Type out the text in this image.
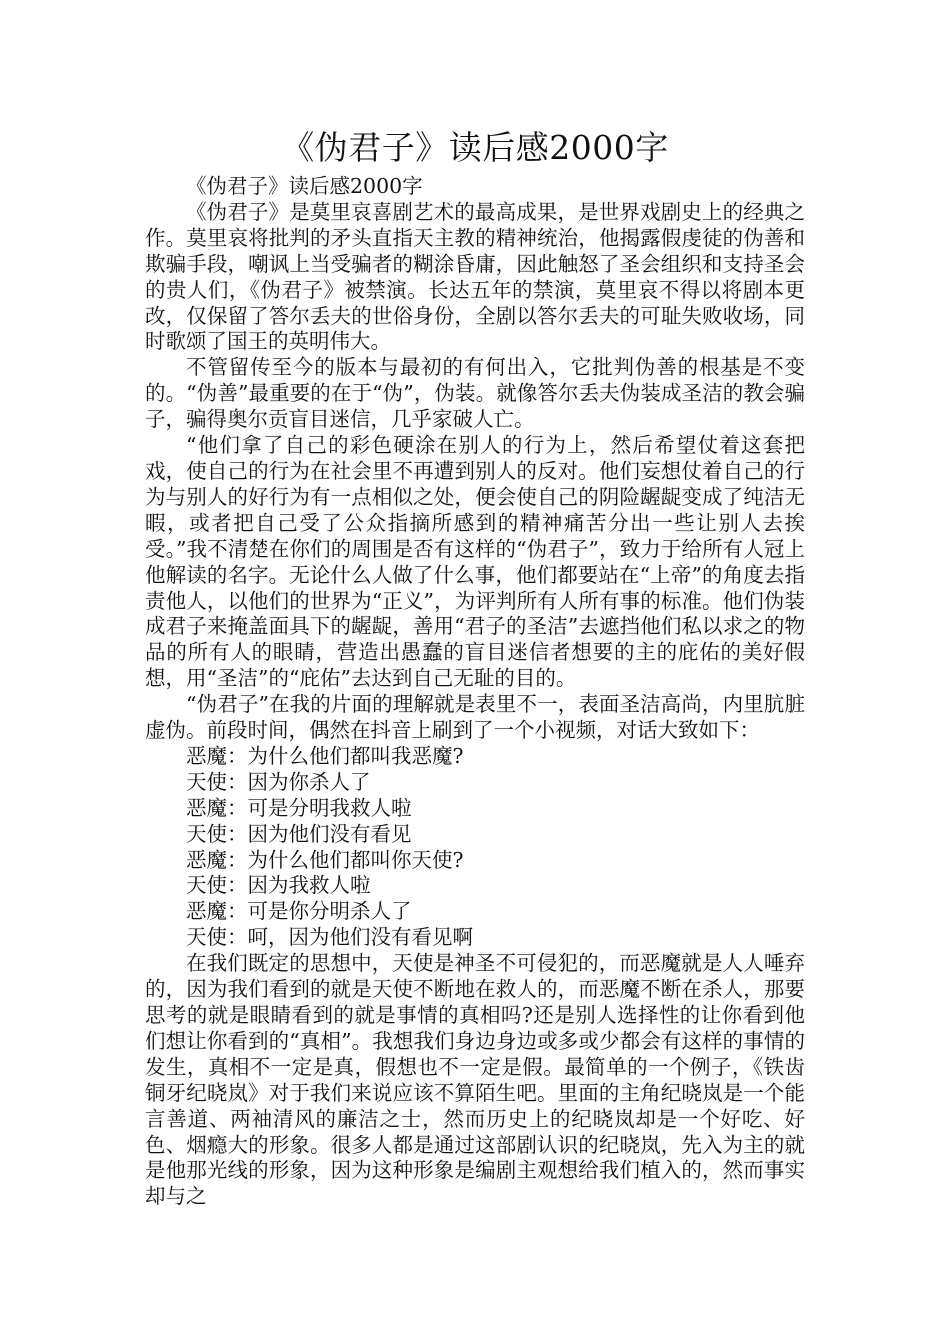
《伪君子》读后感2000字

《伪君子》读后感2000字

《伪君子》是莫里哀喜剧艺术的最高成果，是世界戏剧史上的经典之作。莫里哀将批判的矛头直指天主教的精神统治，他揭露假虔徒的伪善和欺骗手段，嘲讽上当受骗者的糊涂昏庸，因此触怒了圣会组织和支持圣会的贵人们，《伪君子》被禁演。长达五年的禁演，莫里哀不得以将剧本更改，仅保留了答尔丢夫的世俗身份，全剧以答尔丢夫的可耻失败收场，同时歌颂了国王的英明伟大。

不管留传至今的版本与最初的有何出入，它批判伪善的根基是不变的。“伪善”最重要的在于“伪”，伪装。就像答尔丢夫伪装成圣洁的教会骗子，骗得奥尔贡盲目迷信，几乎家破人亡。

“他们拿了自己的彩色硬涂在别人的行为上，然后希望仗着这套把戏，使自己的行为在社会里不再遭到别人的反对。他们妄想仗着自己的行为与别人的好行为有一点相似之处，便会使自己的阴险龌龊变成了纯洁无暇，或者把自己受了公众指摘所感到的精神痛苦分出一些让别人去挨受。”我不清楚在你们的周围是否有这样的“伪君子”，致力于给所有人冠上他解读的名字。无论什么人做了什么事，他们都要站在“上帝”的角度去指责他人，以他们的世界为“正义”，为评判所有人所有事的标准。他们伪装成君子来掩盖面具下的龌龊，善用“君子的圣洁”去遮挡他们私以求之的物品的所有人的眼睛，营造出愚蠢的盲目迷信者想要的主的庇佑的美好假想，用“圣洁”的“庇佑”去达到自己无耻的目的。

“伪君子”在我的片面的理解就是表里不一，表面圣洁高尚，内里肮脏虚伪。前段时间，偶然在抖音上刷到了一个小视频，对话大致如下：

恶魔：为什么他们都叫我恶魔?
天使：因为你杀人了
恶魔：可是分明我救人啦
天使：因为他们没有看见
恶魔：为什么他们都叫你天使?
天使：因为我救人啦
恶魔：可是你分明杀人了
天使：呵，因为他们没有看见啊

在我们既定的思想中，天使是神圣不可侵犯的，而恶魔就是人人唾弃的，因为我们看到的就是天使不断地在救人的，而恶魔不断在杀人，那要思考的就是眼睛看到的就是事情的真相吗?还是别人选择性的让你看到他们想让你看到的“真相”。我想我们身边身边或多或少都会有这样的事情的发生，真相不一定是真，假想也不一定是假。最简单的一个例子，《铁齿铜牙纪晓岚》对于我们来说应该不算陌生吧。里面的主角纪晓岚是一个能言善道、两袖清风的廉洁之士，然而历史上的纪晓岚却是一个好吃、好色、烟瘾大的形象。很多人都是通过这部剧认识的纪晓岚，先入为主的就是他那光线的形象，因为这种形象是编剧主观想给我们植入的，然而事实却与之
